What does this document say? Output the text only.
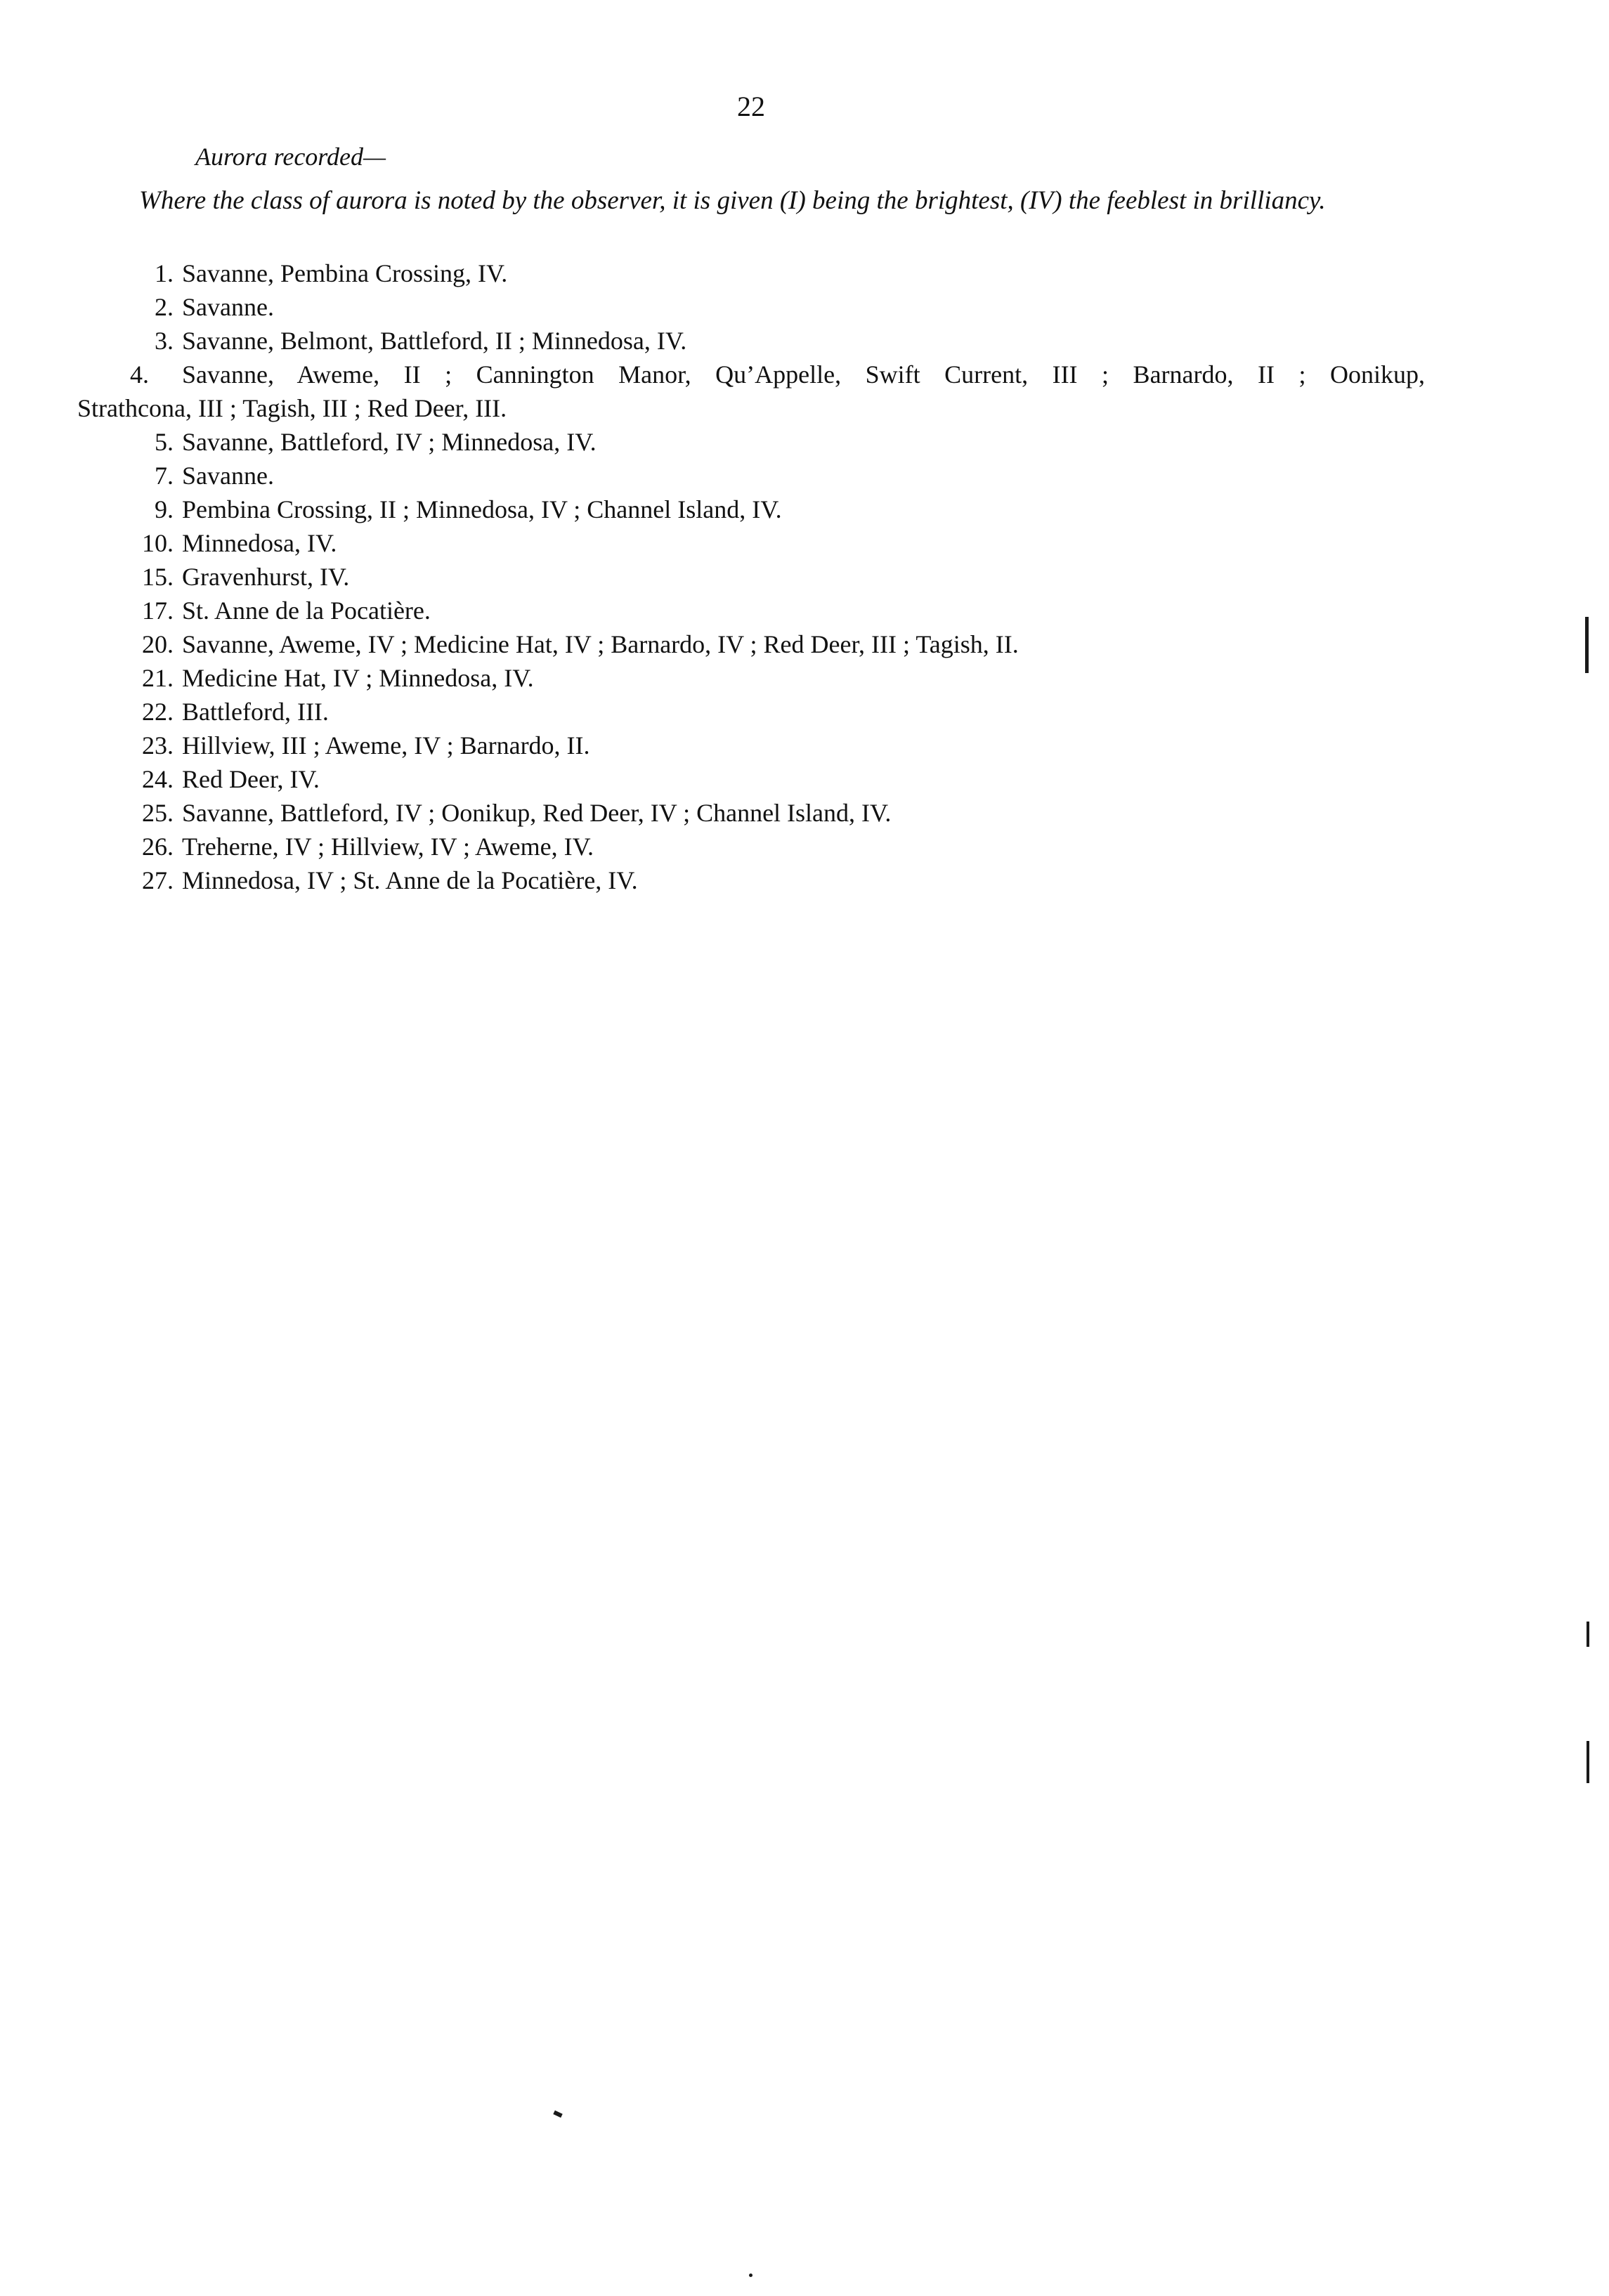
22
Aurora recorded—

Where the class of aurora is noted by the observer, it is given (I) being the brightest, (IV) the feeblest in brilliancy.

1. Savanne, Pembina Crossing, IV.
2. Savanne.
3. Savanne, Belmont, Battleford, II ; Minnedosa, IV.
4. Savanne, Aweme, II ; Cannington Manor, Qu’Appelle, Swift Current, III ; Barnardo, II ; Oonikup,
Strathcona, III ; Tagish, III ; Red Deer, III.
5. Savanne, Battleford, IV ; Minnedosa, IV.
7. Savanne.
9. Pembina Crossing, II ; Minnedosa, IV ; Channel Island, IV.
10. Minnedosa, IV.
15. Gravenhurst, IV.
17. St. Anne de la Pocatière.
20. Savanne, Aweme, IV ; Medicine Hat, IV ; Barnardo, IV ; Red Deer, III ; Tagish, II.
21. Medicine Hat, IV ; Minnedosa, IV.
22. Battleford, III.
23. Hillview, III ; Aweme, IV ; Barnardo, II.
24. Red Deer, IV.
25. Savanne, Battleford, IV ; Oonikup, Red Deer, IV ; Channel Island, IV.
26. Treherne, IV ; Hillview, IV ; Aweme, IV.
27. Minnedosa, IV ; St. Anne de la Pocatière, IV.
